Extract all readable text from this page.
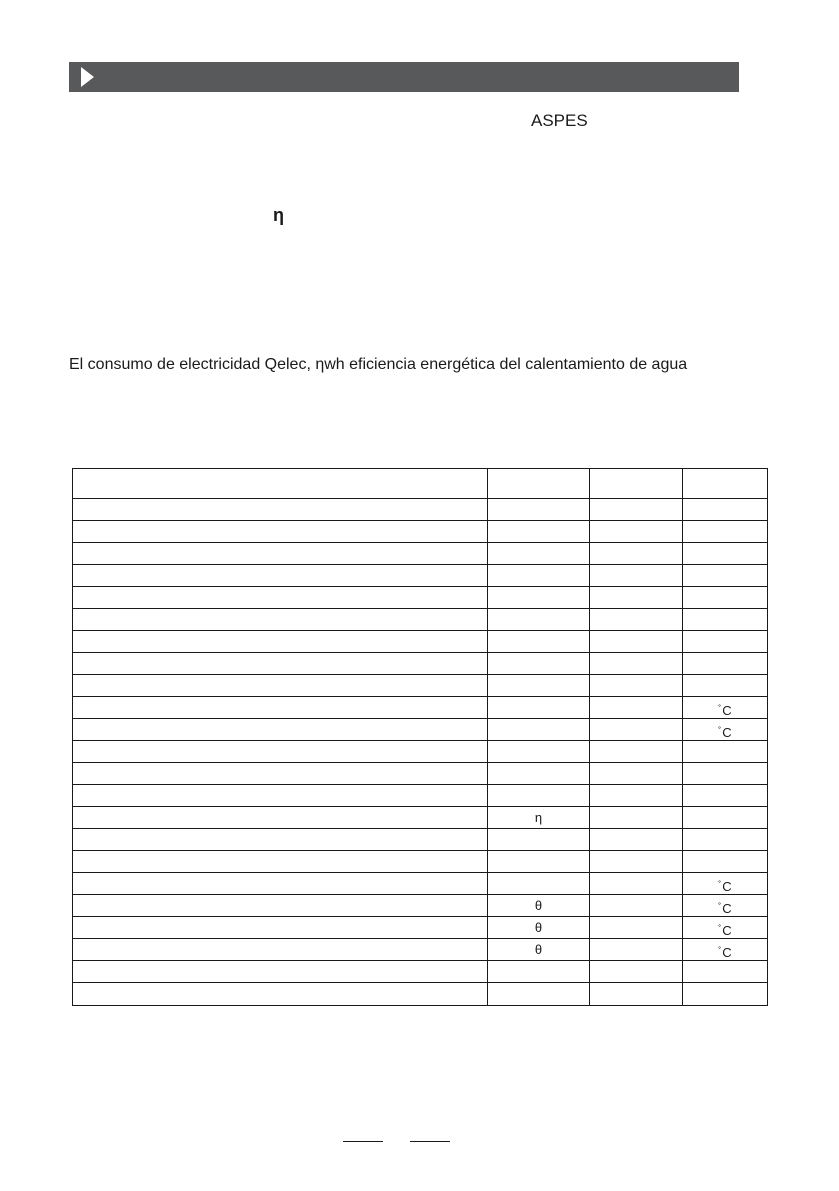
ASPES
η
El consumo de electricidad Qelec, ηwh eficiencia energética del calentamiento de agua

			˚C
			˚C

	η		

			˚C
	θ		˚C
	θ		˚C
	θ		˚C
